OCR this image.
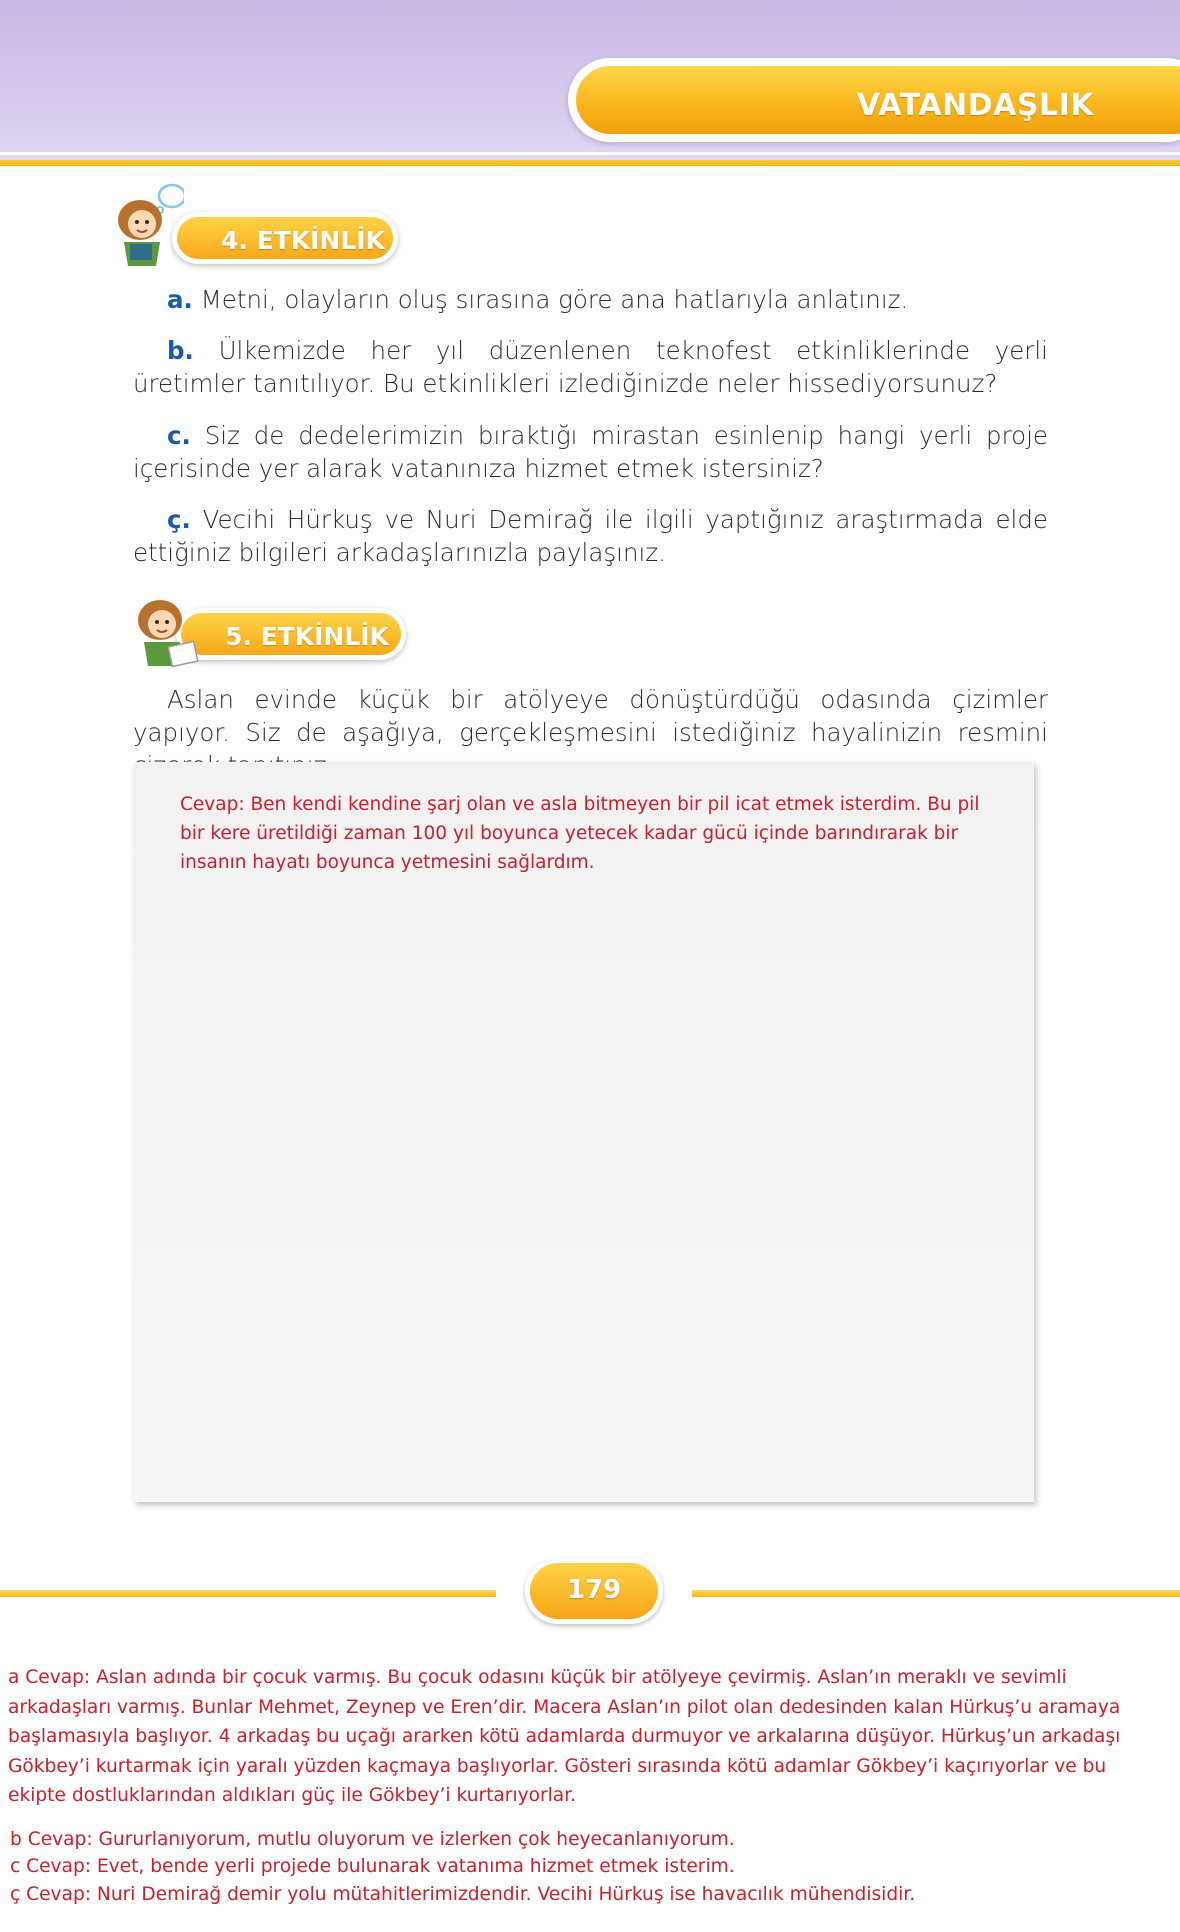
VATANDAŞLIK
4. ETKİNLİK
a. Metni, olayların oluş sırasına göre ana hatlarıyla anlatınız.
b. Ülkemizde her yıl düzenlenen teknofest etkinliklerinde yerli üretimler tanıtılıyor. Bu etkinlikleri izlediğinizde neler hissediyorsunuz?
c. Siz de dedelerimizin bıraktığı mirastan esinlenip hangi yerli proje içerisinde yer alarak vatanınıza hizmet etmek istersiniz?
ç. Vecihi Hürkuş ve Nuri Demirağ ile ilgili yaptığınız araştırmada elde ettiğiniz bilgileri arkadaşlarınızla paylaşınız.
5. ETKİNLİK
Aslan evinde küçük bir atölyeye dönüştürdüğü odasında çizimler yapıyor. Siz de aşağıya, gerçekleşmesini istediğiniz hayalinizin resmini
Cevap: Ben kendi kendine şarj olan ve asla bitmeyen bir pil icat etmek isterdim. Bu pil bir kere üretildiği zaman 100 yıl boyunca yetecek kadar gücü içinde barındırarak bir insanın hayatı boyunca yetmesini sağlardım.
179
a Cevap: Aslan adında bir çocuk varmış. Bu çocuk odasını küçük bir atölyeye çevirmiş. Aslan’ın meraklı ve sevimli arkadaşları varmış. Bunlar Mehmet, Zeynep ve Eren’dir. Macera Aslan’ın pilot olan dedesinden kalan Hürkuş’u aramaya başlamasıyla başlıyor. 4 arkadaş bu uçağı ararken kötü adamlarda durmuyor ve arkalarına düşüyor. Hürkuş’un arkadaşı Gökbey’i kurtarmak için yaralı yüzden kaçmaya başlıyorlar. Gösteri sırasında kötü adamlar Gökbey’i kaçırıyorlar ve bu ekipte dostluklarından aldıkları güç ile Gökbey’i kurtarıyorlar.
b Cevap: Gururlanıyorum, mutlu oluyorum ve izlerken çok heyecanlanıyorum.
c Cevap: Evet, bende yerli projede bulunarak vatanıma hizmet etmek isterim.
ç Cevap: Nuri Demirağ demir yolu mütahitlerimizdendir. Vecihi Hürkuş ise havacılık mühendisidir.
